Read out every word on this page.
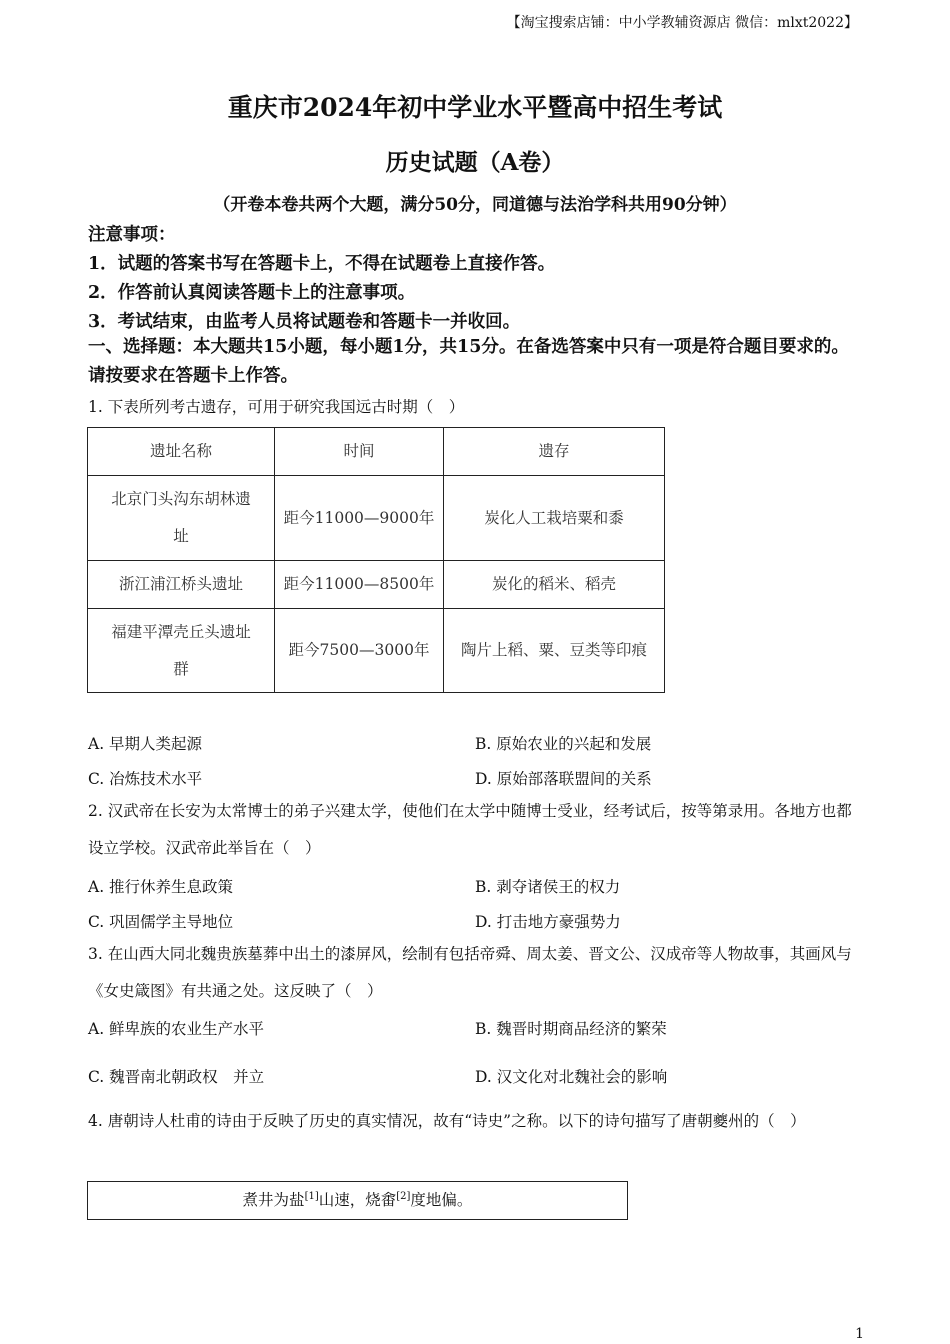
【淘宝搜索店铺：中小学教辅资源店 微信：mlxt2022】
重庆市2024年初中学业水平暨高中招生考试
历史试题（A卷）
（开卷本卷共两个大题，满分50分，同道德与法治学科共用90分钟）
注意事项：
1．试题的答案书写在答题卡上，不得在试题卷上直接作答。
2．作答前认真阅读答题卡上的注意事项。
3．考试结束，由监考人员将试题卷和答题卡一并收回。
一、选择题：本大题共15小题，每小题1分，共15分。在备选答案中只有一项是符合题目要求的。请按要求在答题卡上作答。
1. 下表所列考古遗存，可用于研究我国远古时期（　）
遗址名称	时间	遗存

北京门头沟东胡林遗址	距今11000—9000年	炭化人工栽培粟和黍
浙江浦江桥头遗址	距今11000—8500年	炭化的稻米、稻壳

福建平潭壳丘头遗址群	距今7500—3000年	陶片上稻、粟、豆类等印痕
A. 早期人类起源	B. 原始农业的兴起和发展
C. 冶炼技术水平	D. 原始部落联盟间的关系
2. 汉武帝在长安为太常博士的弟子兴建太学，使他们在太学中随博士受业，经考试后，按等第录用。各地方也都设立学校。汉武帝此举旨在（　）
A. 推行休养生息政策	B. 剥夺诸侯王的权力
C. 巩固儒学主导地位	D. 打击地方豪强势力
3. 在山西大同北魏贵族墓葬中出土的漆屏风，绘制有包括帝舜、周太姜、晋文公、汉成帝等人物故事，其画风与《女史箴图》有共通之处。这反映了（　）
A. 鲜卑族的农业生产水平	B. 魏晋时期商品经济的繁荣
C. 魏晋南北朝政权　并立	D. 汉文化对北魏社会的影响
4. 唐朝诗人杜甫的诗由于反映了历史的真实情况，故有“诗史”之称。以下的诗句描写了唐朝夔州的（　）
煮井为盐[1]山速，烧畬[2]度地偏。
1
